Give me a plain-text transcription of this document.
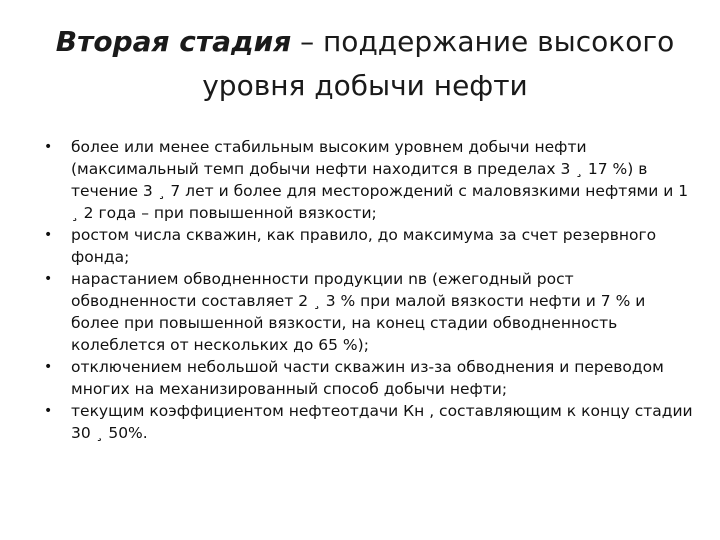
Вторая стадия – поддержание высокого уровня добычи нефти
•	более или менее стабильным высоким уровнем добычи нефти (максимальный темп добычи нефти находится в пределах 3 ¸ 17 %) в течение 3 ¸ 7 лет и более для месторождений с маловязкими нефтями и 1 ¸ 2 года – при повышенной вязкости;
•	ростом числа скважин, как правило, до максимума за счет резервного фонда;
•	нарастанием обводненности продукции nв (ежегодный рост обводненности составляет 2 ¸ 3 % при малой вязкости нефти и 7 % и более при повышенной вязкости, на конец стадии обводненность колеблется от нескольких до 65 %);
•	отключением небольшой части скважин из-за обводнения и переводом многих на механизированный способ добычи нефти;
•	текущим коэффициентом нефтеотдачи Кн , составляющим к концу стадии 30 ¸ 50%.
